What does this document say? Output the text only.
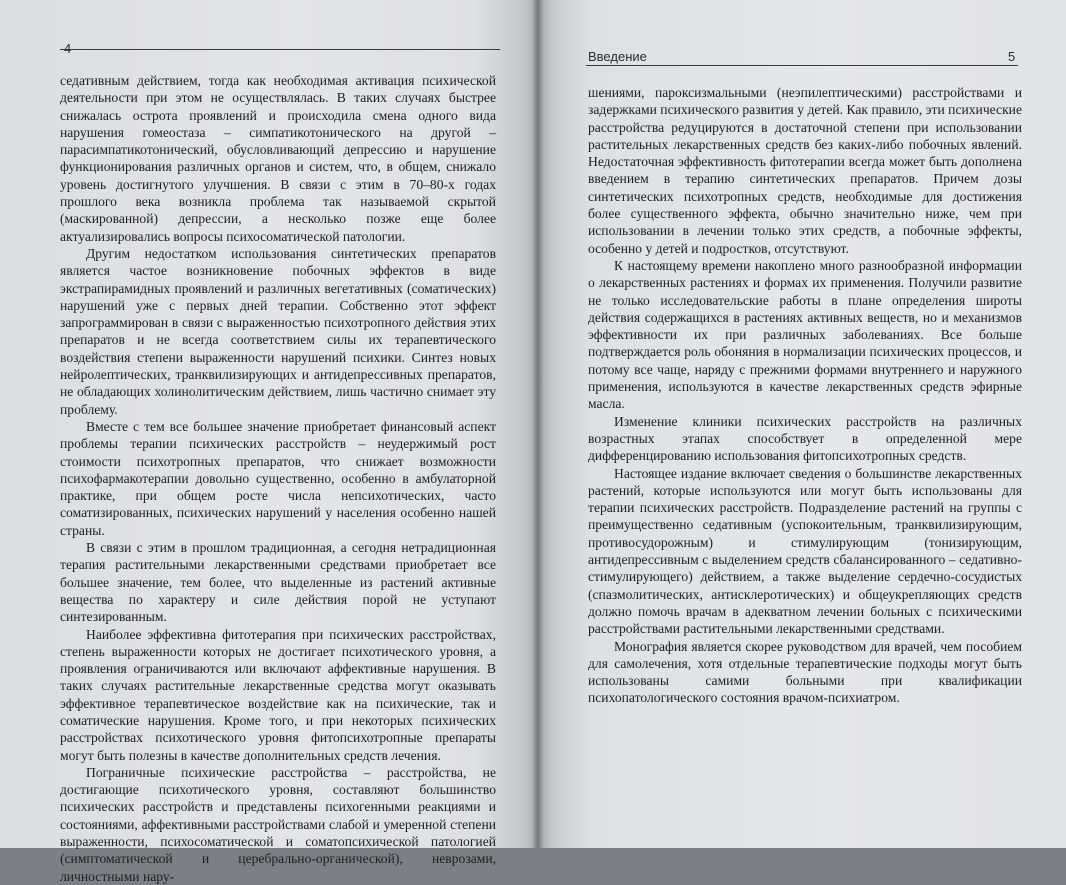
седативным действием, тогда как необходимая активация психической деятельности при этом не осуществлялась. В таких случаях быстрее снижалась острота проявлений и происходила смена одного вида нарушения гомеостаза – симпатикотонического на другой – парасимпатикотонический, обусловливающий депрессию и нарушение функционирования различных органов и систем, что, в общем, снижало уровень достигнутого улучшения. В связи с этим в 70–80-х годах прошлого века возникла проблема так называемой скрытой (маскированной) депрессии, а несколько позже еще более актуализировались вопросы психосоматической патологии.

Другим недостатком использования синтетических препаратов является частое возникновение побочных эффектов в виде экстрапирамидных проявлений и различных вегетативных (соматических) нарушений уже с первых дней терапии. Собственно этот эффект запрограммирован в связи с выраженностью психотропного действия этих препаратов и не всегда соответствием силы их терапевтического воздействия степени выраженности нарушений психики. Синтез новых нейролептических, транквилизирующих и антидепрессивных препаратов, не обладающих холинолитическим действием, лишь частично снимает эту проблему.

Вместе с тем все большее значение приобретает финансовый аспект проблемы терапии психических расстройств – неудержимый рост стоимости психотропных препаратов, что снижает возможности психофармакотерапии довольно существенно, особенно в амбулаторной практике, при общем росте числа непсихотических, часто соматизированных, психических нарушений у населения особенно нашей страны.

В связи с этим в прошлом традиционная, а сегодня нетрадиционная терапия растительными лекарственными средствами приобретает все большее значение, тем более, что выделенные из растений активные вещества по характеру и силе действия порой не уступают синтезированным.

Наиболее эффективна фитотерапия при психических расстройствах, степень выраженности которых не достигает психотического уровня, а проявления ограничиваются или включают аффективные нарушения. В таких случаях растительные лекарственные средства могут оказывать эффективное терапевтическое воздействие как на психические, так и соматические нарушения. Кроме того, и при некоторых психических расстройствах психотического уровня фитопсихотропные препараты могут быть полезны в качестве дополнительных средств лечения.

Пограничные психические расстройства – расстройства, не достигающие психотического уровня, составляют большинство психических расстройств и представлены психогенными реакциями и состояниями, аффективными расстройствами слабой и умеренной степени выраженности, психосоматической и соматопсихической патологией (симптоматической и церебрально-органической), неврозами, личностными нару-

Введение	5

шениями, пароксизмальными (неэпилептическими) расстройствами и задержками психического развития у детей. Как правило, эти психические расстройства редуцируются в достаточной степени при использовании растительных лекарственных средств без каких-либо побочных явлений. Недостаточная эффективность фитотерапии всегда может быть дополнена введением в терапию синтетических препаратов. Причем дозы синтетических психотропных средств, необходимые для достижения более существенного эффекта, обычно значительно ниже, чем при использовании в лечении только этих средств, а побочные эффекты, особенно у детей и подростков, отсутствуют.

К настоящему времени накоплено много разнообразной информации о лекарственных растениях и формах их применения. Получили развитие не только исследовательские работы в плане определения широты действия содержащихся в растениях активных веществ, но и механизмов эффективности их при различных заболеваниях. Все больше подтверждается роль обоняния в нормализации психических процессов, и потому все чаще, наряду с прежними формами внутреннего и наружного применения, используются в качестве лекарственных средств эфирные масла.

Изменение клиники психических расстройств на различных возрастных этапах способствует в определенной мере дифференцированию использования фитопсихотропных средств.

Настоящее издание включает сведения о большинстве лекарственных растений, которые используются или могут быть использованы для терапии психических расстройств. Подразделение растений на группы с преимущественно седативным (успокоительным, транквилизирующим, противосудорожным) и стимулирующим (тонизирующим, антидепрессивным с выделением средств сбалансированного – седативно-стимулирующего) действием, а также выделение сердечно-сосудистых (спазмолитических, антисклеротических) и общеукрепляющих средств должно помочь врачам в адекватном лечении больных с психическими расстройствами растительными лекарственными средствами.

Монография является скорее руководством для врачей, чем пособием для самолечения, хотя отдельные терапевтические подходы могут быть использованы самими больными при квалификации психопатологического состояния врачом-психиатром.
